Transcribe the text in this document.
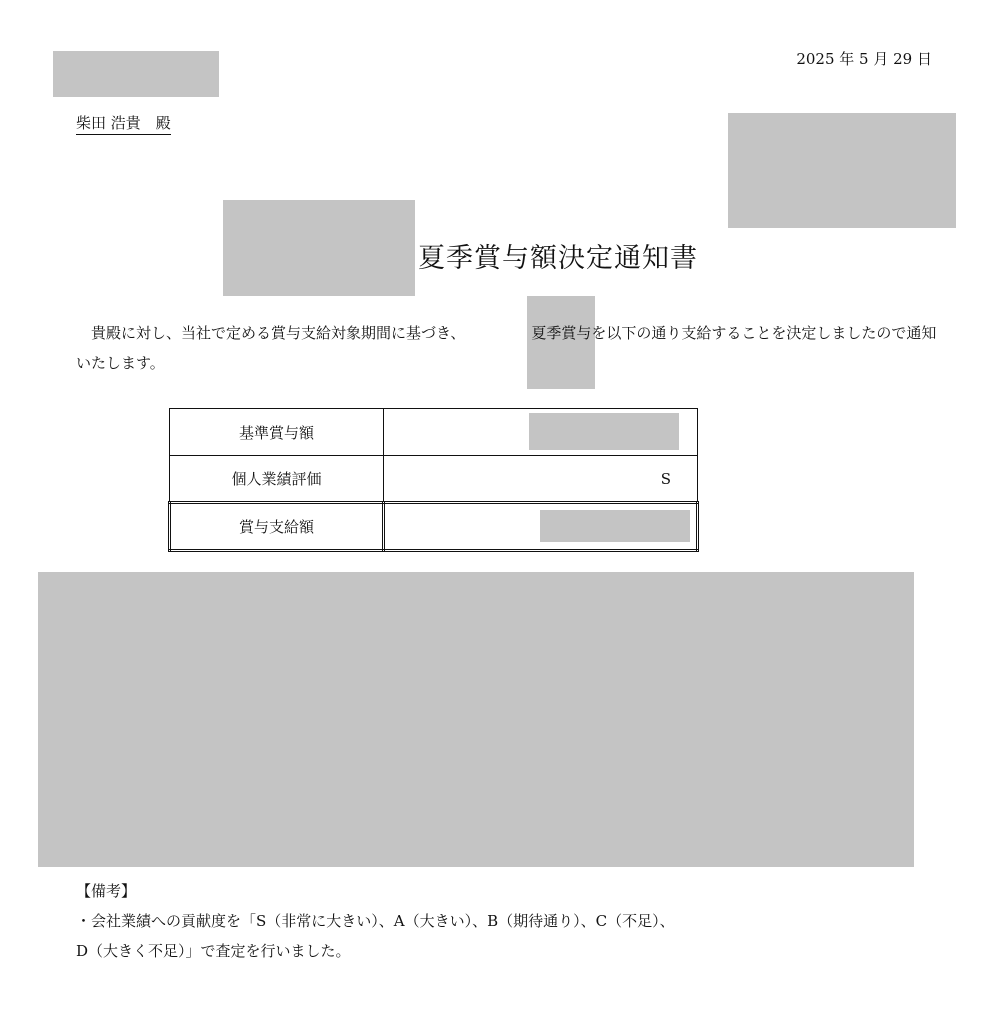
2025 年 5 月 29 日
柴田 浩貴　殿
夏季賞与額決定通知書
　貴殿に対し、当社で定める賞与支給対象期間に基づき、	夏季賞与を以下の通り支給することを決定しましたので通知いたします。
基準賞与額	

個人業績評価	S
賞与支給額	
【備考】
・会社業績への貢献度を「S（非常に大きい）、A（大きい）、B（期待通り）、C（不足）、
D（大きく不足）」で査定を行いました。
